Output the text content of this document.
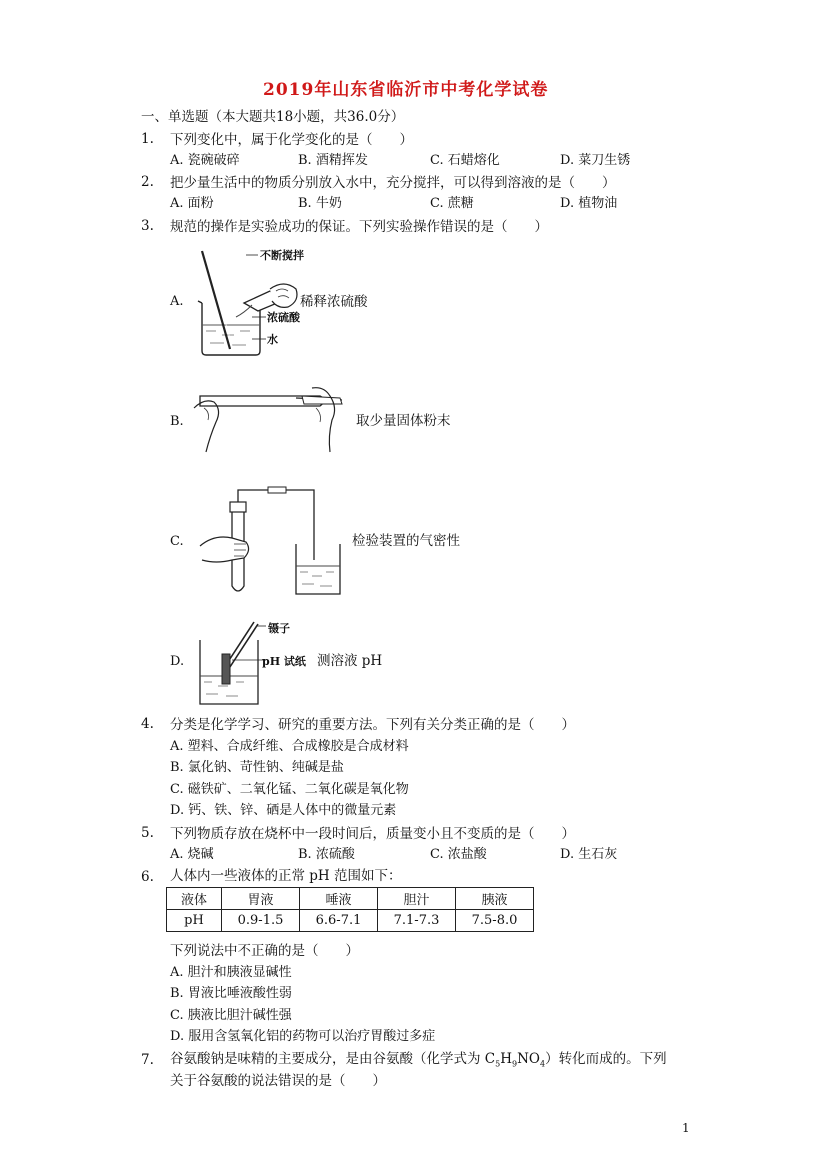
2019年山东省临沂市中考化学试卷
一、单选题（本大题共18小题，共36.0分）
1. 下列变化中，属于化学变化的是（　　）
A. 瓷碗破碎	B. 酒精挥发	C. 石蜡熔化	D. 菜刀生锈
2. 把少量生活中的物质分别放入水中，充分搅拌，可以得到溶液的是（　　）
A. 面粉	B. 牛奶	C. 蔗糖	D. 植物油
3. 规范的操作是实验成功的保证。下列实验操作错误的是（　　）
A.
不断搅拌
浓硫酸
水
稀释浓硫酸
B.	取少量固体粉末
C.	检验装置的气密性
D.
镊子
pH 试纸 测溶液 pH
4. 分类是化学学习、研究的重要方法。下列有关分类正确的是（　　）
A. 塑料、合成纤维、合成橡胶是合成材料
B. 氯化钠、苛性钠、纯碱是盐
C. 磁铁矿、二氧化锰、二氧化碳是氧化物
D. 钙、铁、锌、硒是人体中的微量元素
5. 下列物质存放在烧杯中一段时间后，质量变小且不变质的是（　　）
A. 烧碱	B. 浓硫酸	C. 浓盐酸	D. 生石灰
6. 人体内一些液体的正常 pH 范围如下：
液体	胃液	唾液	胆汁	胰液
pH	0.9-1.5	6.6-7.1	7.1-7.3	7.5-8.0
下列说法中不正确的是（　　）
A. 胆汁和胰液显碱性
B. 胃液比唾液酸性弱
C. 胰液比胆汁碱性强
D. 服用含氢氧化铝的药物可以治疗胃酸过多症
7. 谷氨酸钠是味精的主要成分，是由谷氨酸（化学式为 $C_5H_9NO_4$）转化而成的。下列
关于谷氨酸的说法错误的是（　　）
1
